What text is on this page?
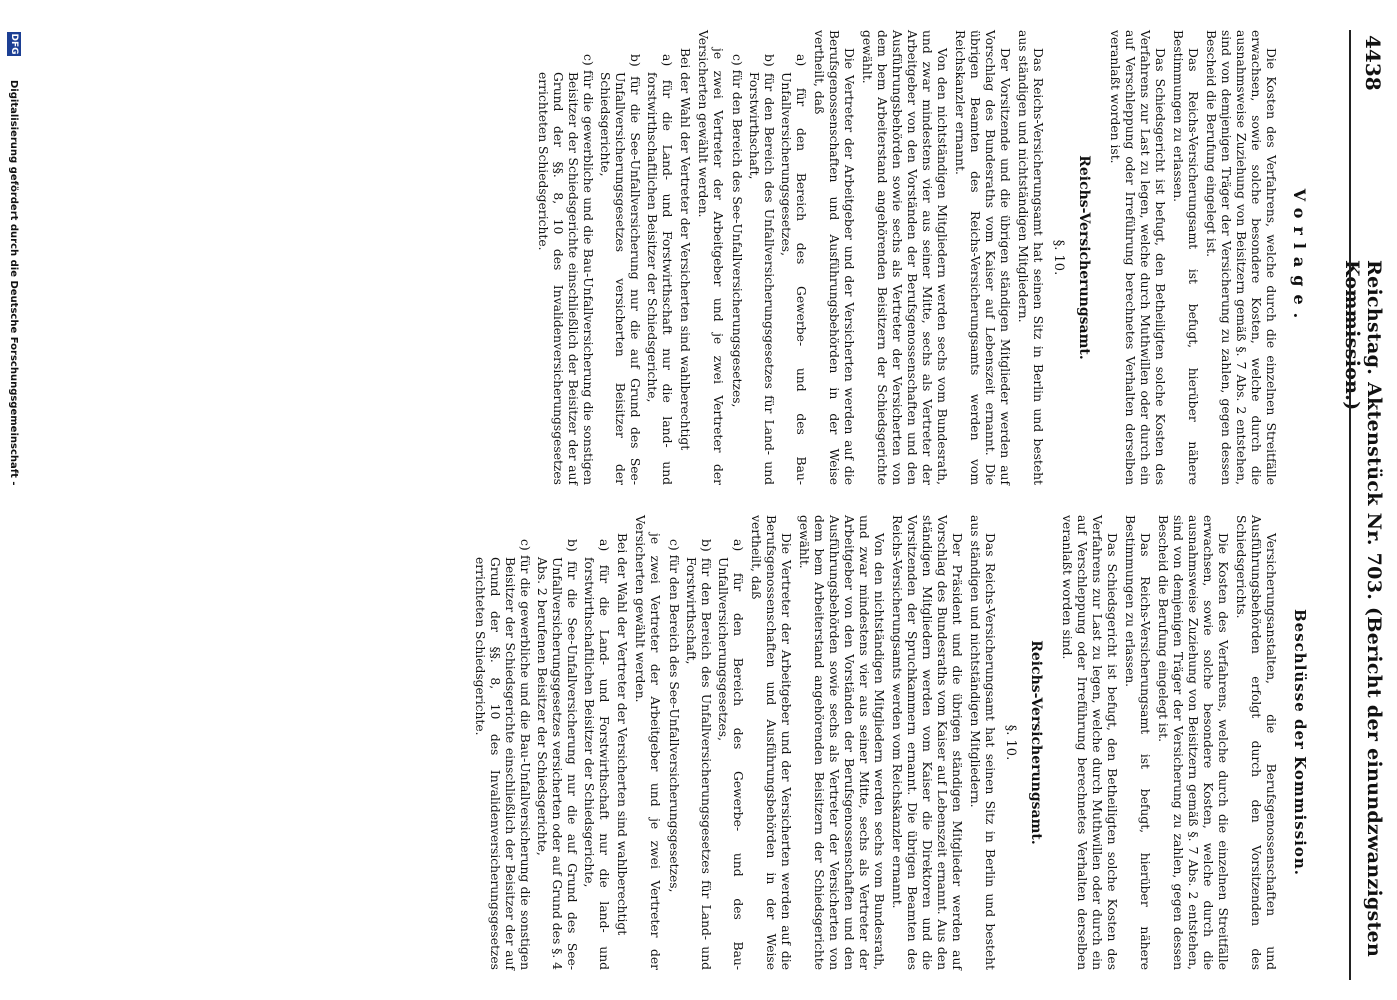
4438
Reichstag. Aktenstück Nr. 703. (Bericht der einundzwanzigsten Kommission.)
Vorlage.

Die Kosten des Verfahrens, welche durch die einzelnen Streitfälle erwachsen, sowie solche besondere Kosten, welche durch die ausnahmsweise Zuziehung von Beisitzern gemäß §. 7 Abs. 2 entstehen, sind von demjenigen Träger der Versicherung zu zahlen, gegen dessen Bescheid die Berufung eingelegt ist.

Das Reichs-Versicherungsamt ist befugt, hierüber nähere Bestimmungen zu erlassen.

Das Schiedsgericht ist befugt, den Betheiligten solche Kosten des Verfahrens zur Last zu legen, welche durch Muthwillen oder durch ein auf Verschleppung oder Irreführung berechnetes Verhalten derselben veranlaßt worden ist.

Reichs-Versicherungsamt.
§. 10.

Das Reichs-Versicherungsamt hat seinen Sitz in Berlin und besteht aus ständigen und nichtständigen Mitgliedern.

Der Vorsitzende und die übrigen ständigen Mitglieder werden auf Vorschlag des Bundesraths vom Kaiser auf Lebenszeit ernannt. Die übrigen Beamten des Reichs-Versicherungsamts werden vom Reichskanzler ernannt.

Von den nichtständigen Mitgliedern werden sechs vom Bundesrath, und zwar mindestens vier aus seiner Mitte, sechs als Vertreter der Arbeitgeber von den Vorständen der Berufsgenossenschaften und den Ausführungsbehörden sowie sechs als Vertreter der Versicherten von dem bem Arbeiterstand angehörenden Beisitzern der Schiedsgerichte gewählt.

Die Vertreter der Arbeitgeber und der Versicherten werden auf die Berufsgenossenschaften und Ausführungsbehörden in der Weise vertheilt, daß

a) für den Bereich des Gewerbe- und des Bau-Unfallversicherungsgesetzes,
b) für den Bereich des Unfallversicherungsgesetzes für Land- und Forstwirthschaft,
c) für den Bereich des See-Unfallversicherungsgesetzes,

je zwei Vertreter der Arbeitgeber und je zwei Vertreter der Versicherten gewählt werden.

Bei der Wahl der Vertreter der Versicherten sind wahlberechtigt

a) für die Land- und Forstwirthschaft nur die land- und forstwirthschaftlichen Beisitzer der Schiedsgerichte,
b) für die See-Unfallversicherung nur die auf Grund des See-Unfallversicherungsgesetzes versicherten Beisitzer der Schiedsgerichte,
c) für die gewerbliche und die Bau-Unfallversicherung die sonstigen Beisitzer der Schiedsgerichte einschließlich der Beisitzer der auf Grund der §§. 8, 10 des Invalidenversicherungsgesetzes errichteten Schiedsgerichte.
Beschlüsse der Kommission.

Versicherungsanstalten, die Berufsgenossenschaften und Ausführungsbehörden erfolgt durch den Vorsitzenden des Schiedsgerichts.

Die Kosten des Verfahrens, welche durch die einzelnen Streitfälle erwachsen, sowie solche besondere Kosten, welche durch die ausnahmsweise Zuziehung von Beisitzern gemäß §. 7 Abs. 2 entstehen, sind von demjenigen Träger der Versicherung zu zahlen, gegen dessen Bescheid die Berufung eingelegt ist.

Das Reichs-Versicherungsamt ist befugt, hierüber nähere Bestimmungen zu erlassen.

Das Schiedsgericht ist befugt, den Betheiligten solche Kosten des Verfahrens zur Last zu legen, welche durch Muthwillen oder durch ein auf Verschleppung oder Irreführung berechnetes Verhalten derselben veranlaßt worden sind.

Reichs-Versicherungsamt.
§. 10.

Das Reichs-Versicherungsamt hat seinen Sitz in Berlin und besteht aus ständigen und nichtständigen Mitgliedern.

Der Präsident und die übrigen ständigen Mitglieder werden auf Vorschlag des Bundesraths vom Kaiser auf Lebenszeit ernannt. Aus den ständigen Mitgliedern werden vom Kaiser die Direktoren und die Vorsitzenden der Spruchkammern ernannt. Die übrigen Beamten des Reichs-Versicherungsamts werden vom Reichskanzler ernannt.

Von den nichtständigen Mitgliedern werden sechs vom Bundesrath, und zwar mindestens vier aus seiner Mitte, sechs als Vertreter der Arbeitgeber von den Vorständen der Berufsgenossenschaften und den Ausführungsbehörden sowie sechs als Vertreter der Versicherten von dem bem Arbeiterstand angehörenden Beisitzern der Schiedsgerichte gewählt.

Die Vertreter der Arbeitgeber und der Versicherten werden auf die Berufsgenossenschaften und Ausführungsbehörden in der Weise vertheilt, daß

a) für den Bereich des Gewerbe- und des Bau-Unfallversicherungsgesetzes,
b) für den Bereich des Unfallversicherungsgesetzes für Land- und Forstwirthschaft,
c) für den Bereich des See-Unfallversicherungsgesetzes,

je zwei Vertreter der Arbeitgeber und je zwei Vertreter der Versicherten gewählt werden.

Bei der Wahl der Vertreter der Versicherten sind wahlberechtigt

a) für die Land- und Forstwirthschaft nur die land- und forstwirthschaftlichen Beisitzer der Schiedsgerichte,
b) für die See-Unfallversicherung nur die auf Grund des See-Unfallversicherungsgesetzes versicherten oder auf Grund des §. 4 Abs. 2 berufenen Beisitzer der Schiedsgerichte,
c) für die gewerbliche und die Bau-Unfallversicherung die sonstigen Beisitzer der Schiedsgerichte einschließlich der Beisitzer der auf Grund der §§. 8, 10 des Invalidenversicherungsgesetzes errichteten Schiedsgerichte.
DFG
Digitalisierung gefördert durch die Deutsche Forschungsgemeinschaft -
